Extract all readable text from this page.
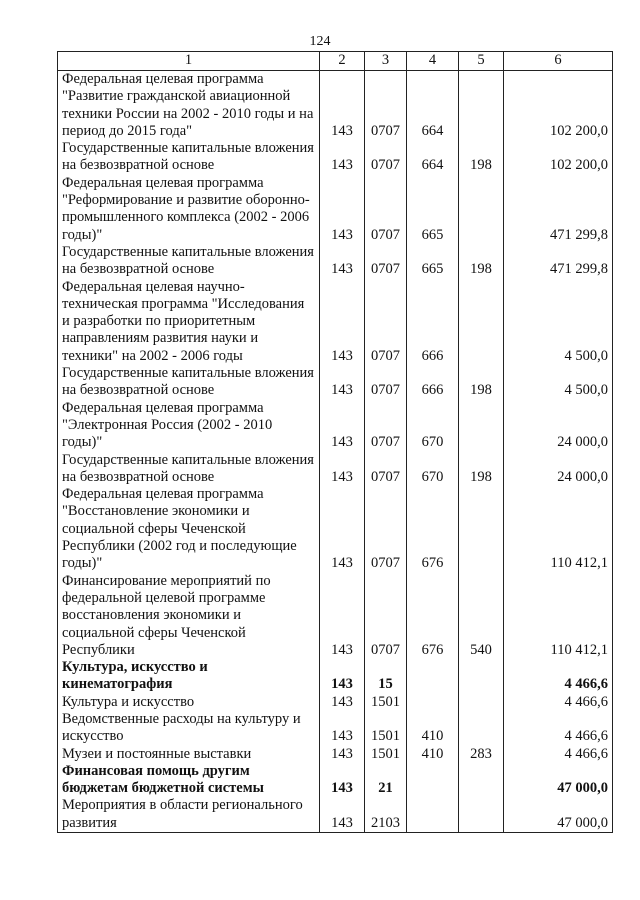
124
1	2	3	4	5	6
Федеральная целевая программа "Развитие гражданской авиационной техники России на 2002 - 2010 годы и на период до 2015 года"	143	0707	664		102 200,0
Государственные капитальные вложения на безвозвратной основе	143	0707	664	198	102 200,0
Федеральная целевая программа "Реформирование и развитие оборонно-промышленного комплекса (2002 - 2006 годы)"	143	0707	665		471 299,8
Государственные капитальные вложения на безвозвратной основе	143	0707	665	198	471 299,8
Федеральная целевая научно-техническая программа "Исследования и разработки по приоритетным направлениям развития науки и техники" на 2002 - 2006 годы	143	0707	666		4 500,0
Государственные капитальные вложения на безвозвратной основе	143	0707	666	198	4 500,0
Федеральная целевая программа "Электронная Россия (2002 - 2010 годы)"	143	0707	670		24 000,0
Государственные капитальные вложения на безвозвратной основе	143	0707	670	198	24 000,0
Федеральная целевая программа "Восстановление экономики и социальной сферы Чеченской Республики (2002 год и последующие годы)"	143	0707	676		110 412,1
Финансирование мероприятий по федеральной целевой программе восстановления экономики и социальной сферы Чеченской Республики	143	0707	676	540	110 412,1
Культура, искусство и кинематография	143	15			4 466,6
Культура и искусство	143	1501			4 466,6
Ведомственные расходы на культуру и искусство	143	1501	410		4 466,6
Музеи и постоянные выставки	143	1501	410	283	4 466,6
Финансовая помощь другим бюджетам бюджетной системы	143	21			47 000,0
Мероприятия в области регионального развития	143	2103			47 000,0
